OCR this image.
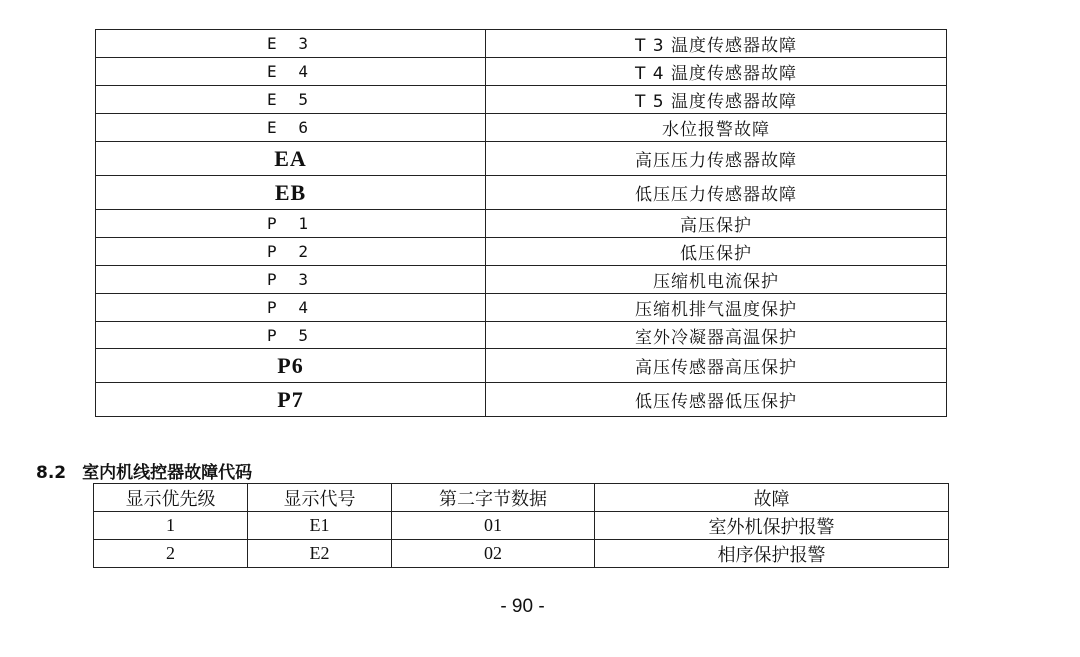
E 3	T 3 温度传感器故障
E 4	T 4 温度传感器故障
E 5	T 5 温度传感器故障
E 6	水位报警故障
EA	高压压力传感器故障
EB	低压压力传感器故障
P 1	高压保护
P 2	低压保护
P 3	压缩机电流保护
P 4	压缩机排气温度保护
P 5	室外冷凝器高温保护
P6	高压传感器高压保护
P7	低压传感器低压保护
8.2 室内机线控器故障代码
显示优先级	显示代号	第二字节数据	故障
1	E1	01	室外机保护报警
2	E2	02	相序保护报警
- 90 -
